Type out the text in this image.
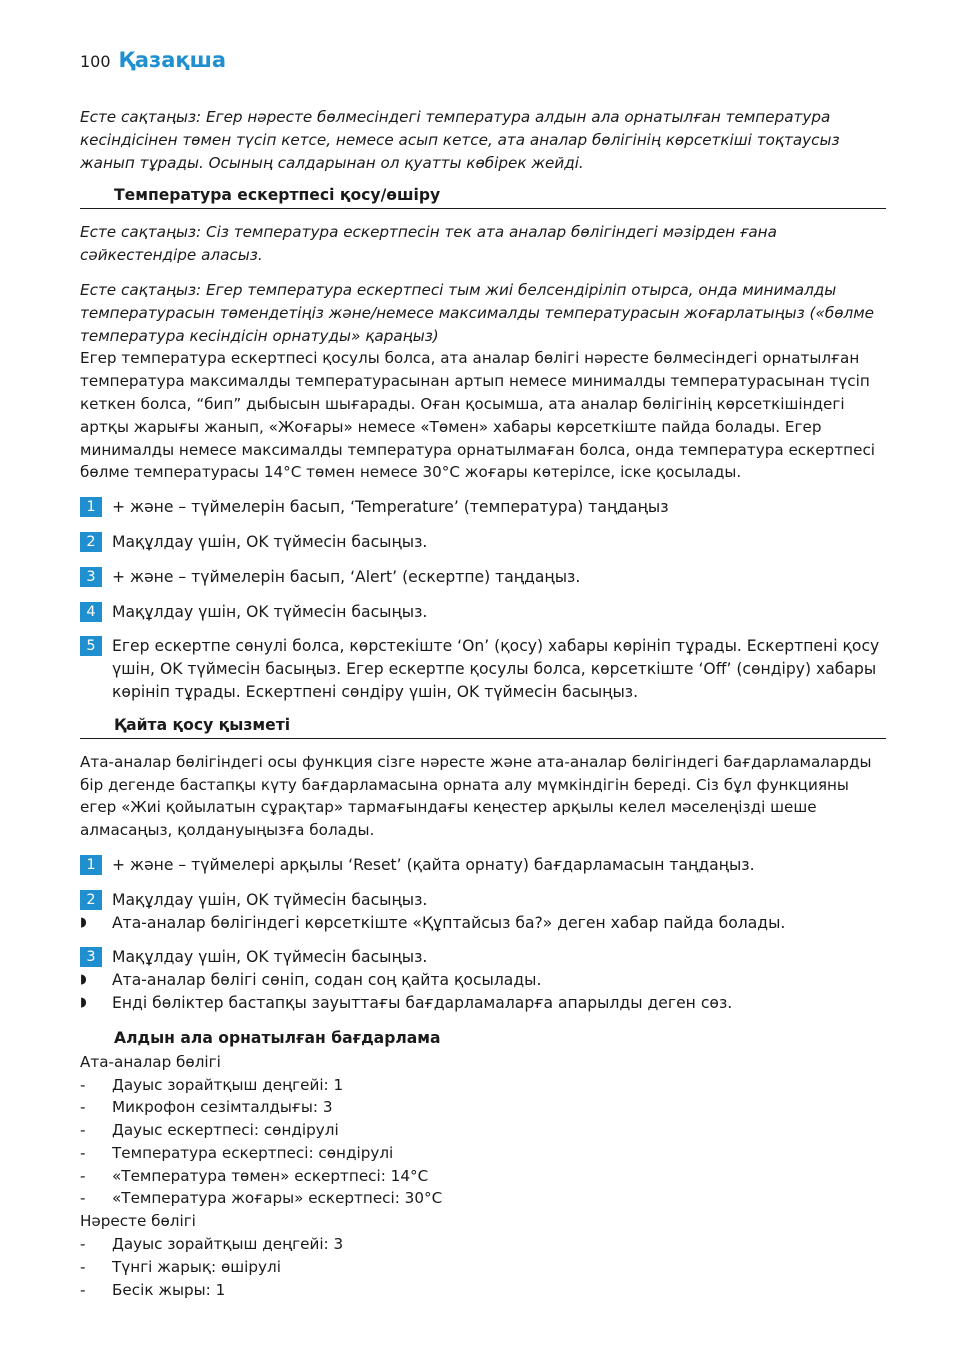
100 Қазақша

Есте сақтаңыз: Егер нәресте бөлмесіндегі температура алдын ала орнатылған температура кесіндісінен төмен түсіп кетсе, немесе асып кетсе, ата аналар бөлігінің көрсеткіші тоқтаусыз жанып тұрады. Осының салдарынан ол қуатты көбірек жейді.

Температура ескертпесі қосу/өшіру

Есте сақтаңыз: Сіз температура ескертпесін тек ата аналар бөлігіндегі мәзірден ғана сәйкестендіре аласыз.

Есте сақтаңыз: Егер температура ескертпесі тым жиі белсендіріліп отырса, онда минималды температурасын төмендетіңіз және/немесе максималды температурасын жоғарлатыңыз («бөлме температура кесіндісін орнатуды» қараңыз)

Егер температура ескертпесі қосулы болса, ата аналар бөлігі нәресте бөлмесіндегі орнатылған температура максималды температурасынан артып немесе минималды температурасынан түсіп кеткен болса, “бип” дыбысын шығарады. Оған қосымша, ата аналар бөлігінің көрсеткішіндегі артқы жарығы жанып, «Жоғары» немесе «Төмен» хабары көрсеткіште пайда болады. Егер минималды немесе максималды температура орнатылмаған болса, онда температура ескертпесі бөлме температурасы 14°C төмен немесе 30°C жоғары көтерілсе, іске қосылады.

1	+ және – түймелерін басып, ‘Temperature’ (температура) таңдаңыз
2	Мақұлдау үшін, OK түймесін басыңыз.
3	+ және – түймелерін басып, ‘Alert’ (ескертпе) таңдаңыз.
4	Мақұлдау үшін, OK түймесін басыңыз.
5	Егер ескертпе сөнулі болса, көрстекіште ‘On’ (қосу) хабары көрініп тұрады. Ескертпені қосу үшін, OK түймесін басыңыз. Егер ескертпе қосулы болса, көрсеткіште ‘Off’ (сөндіру) хабары көрініп тұрады. Ескертпені сөндіру үшін, OK түймесін басыңыз.
Қайта қосу қызметі

Ата-аналар бөлігіндегі осы функция сізге нәресте және ата-аналар бөлігіндегі бағдарламаларды бір дегенде бастапқы күту бағдарламасына орната алу мүмкіндігін береді. Сіз бұл функцияны егер «Жиі қойылатын сұрақтар» тармағындағы кеңестер арқылы келел мәселеңізді шеше алмасаңыз, қолдануыңызға болады.

1	+ және – түймелері арқылы ‘Reset’ (қайта орнату) бағдарламасын таңдаңыз.
2	Мақұлдау үшін, OK түймесін басыңыз.
◗	Ата-аналар бөлігіндегі көрсеткіште «Құптайсыз ба?» деген хабар пайда болады.
3	Мақұлдау үшін, OK түймесін басыңыз.
◗	Ата-аналар бөлігі сөніп, содан соң қайта қосылады.
◗	Енді бөліктер бастапқы зауыттағы бағдарламаларға апарылды деген сөз.
Алдын ала орнатылған бағдарлама

Ата-аналар бөлігі

-	Дауыс зорайтқыш деңгейі: 1
-	Микрофон сезімталдығы: 3
-	Дауыс ескертпесі: сөндірулі
-	Температура ескертпесі: сөндірулі
-	«Температура төмен» ескертпесі: 14°C
-	«Температура жоғары» ескертпесі: 30°C

Нәресте бөлігі

-	Дауыс зорайтқыш деңгейі: 3
-	Түнгі жарық: өшірулі
-	Бесік жыры: 1
